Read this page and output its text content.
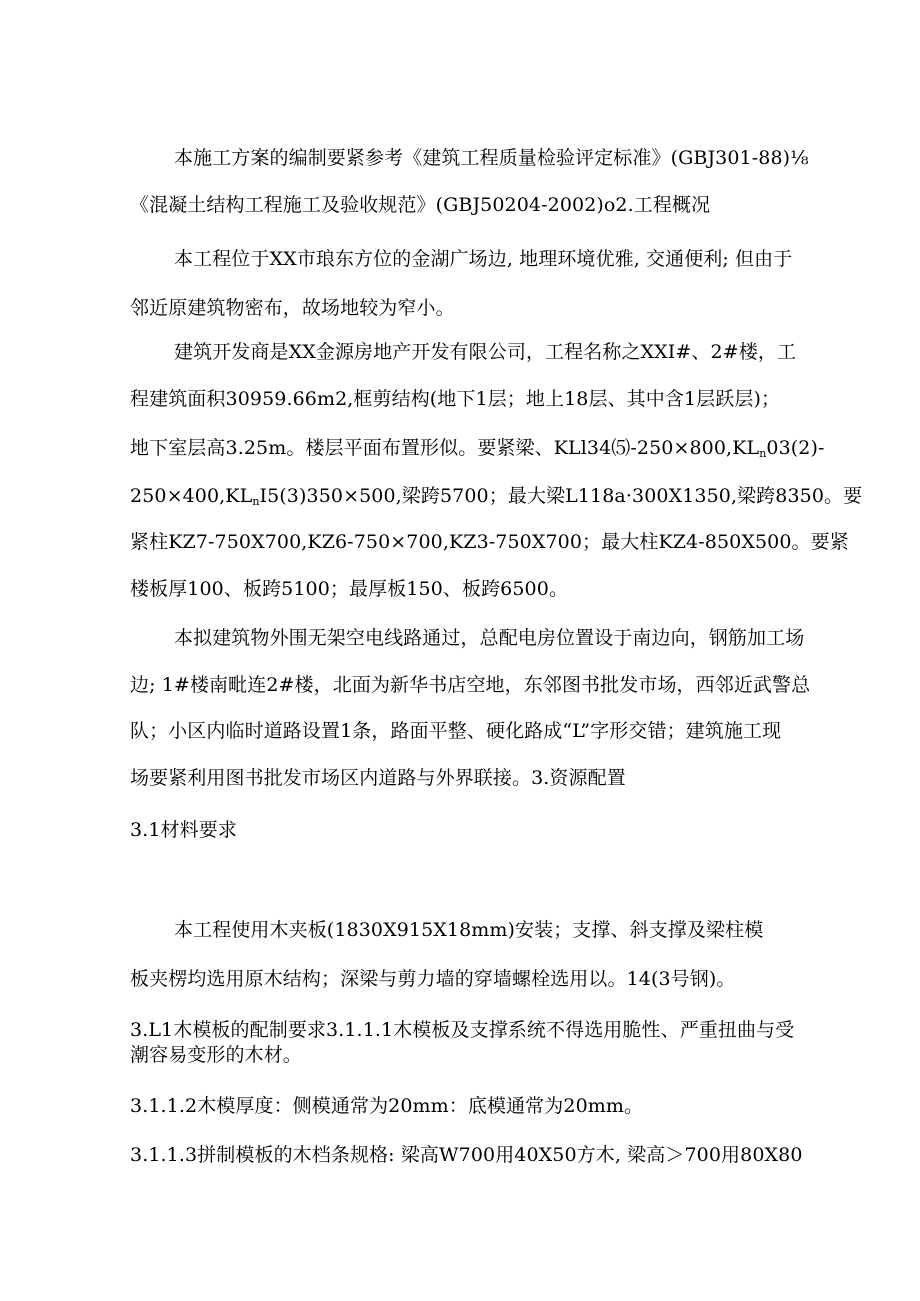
本施工方案的编制要紧参考《建筑工程质量检验评定标准》(GBJ301-88)⅛
《混凝土结构工程施工及验收规范》(GBJ50204-2002)o2.工程概况
本工程位于XX市琅东方位的金湖广场边, 地理环境优雅, 交通便利; 但由于
邻近原建筑物密布，故场地较为窄小。
建筑开发商是XX金源房地产开发有限公司，工程名称之XXI#、2#楼，工
程建筑面积30959.66m2,框剪结构(地下1层；地上18层、其中含1层跃层)；
地下室层高3.25m。楼层平面布置形似。要紧梁、$KLl34⑸-250\times 800,KL_n03(2)-$
$250\times 400,KL_nI5(3)350\times 500$,梁跨5700；最大梁L118a·300X1350,梁跨8350。要
紧柱KZ7-750X700,KZ6-750×700,KZ3-750X700；最大柱KZ4-850X500。要紧
楼板厚100、板跨5100；最厚板150、板跨6500。
本拟建筑物外围无架空电线路通过，总配电房位置设于南边向，钢筋加工场
边; 1#楼南毗连2#楼，北面为新华书店空地，东邻图书批发市场，西邻近武警总
队；小区内临时道路设置1条，路面平整、硬化路成“L”字形交错；建筑施工现
场要紧利用图书批发市场区内道路与外界联接。3.资源配置
3.1材料要求
本工程使用木夹板(1830X915X18mm)安装；支撑、斜支撑及梁柱模
板夹楞均选用原木结构；深梁与剪力墙的穿墙螺栓选用以。14(3号钢)。
3.L1木模板的配制要求3.1.1.1木模板及支撑系统不得选用脆性、严重扭曲与受
潮容易变形的木材。
3.1.1.2木模厚度：侧模通常为20mm：底模通常为20mm。
3.1.1.3拼制模板的木档条规格: 梁高W700用40X50方木, 梁高＞700用80X80
